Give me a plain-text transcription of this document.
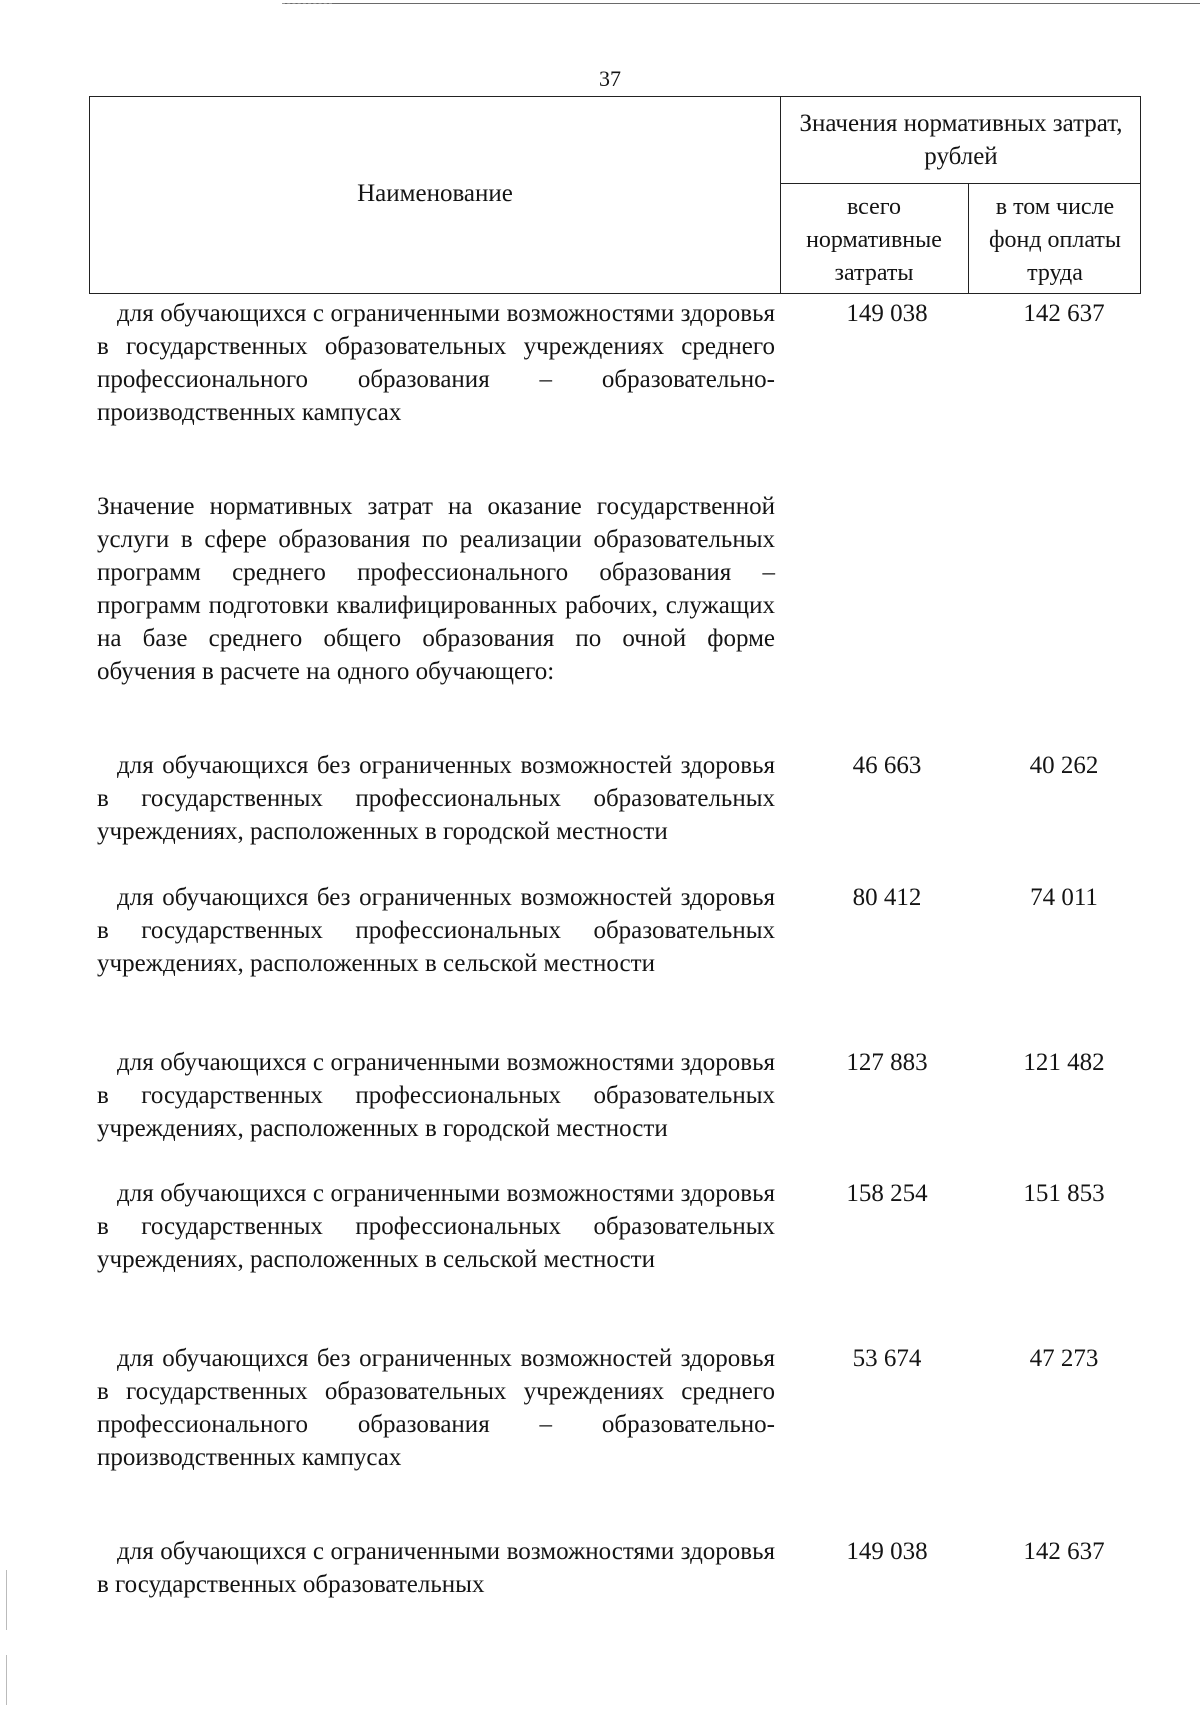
37
Наименование
Значения нормативных затрат, рублей
всего нормативные затраты
в том числе фонд оплаты труда

для обучающихся с ограниченными возможностями здоровья в государственных образовательных учреждениях среднего профессионального образования – образовательно-производственных кампусах

149 038	142 637

Значение нормативных затрат на оказание государственной услуги в сфере образования по реализации образовательных программ среднего профессионального образования – программ подготовки квалифицированных рабочих, служащих на базе среднего общего образования по очной форме обучения в расчете на одного обучающего:

для обучающихся без ограниченных возможностей здоровья в государственных профессиональных образовательных учреждениях, расположенных в городской местности

46 663	40 262

для обучающихся без ограниченных возможностей здоровья в государственных профессиональных образовательных учреждениях, расположенных в сельской местности

80 412	74 011

для обучающихся с ограниченными возможностями здоровья в государственных профессиональных образовательных учреждениях, расположенных в городской местности

127 883	121 482

для обучающихся с ограниченными возможностями здоровья в государственных профессиональных образовательных учреждениях, расположенных в сельской местности

158 254	151 853

для обучающихся без ограниченных возможностей здоровья в государственных образовательных учреждениях среднего профессионального образования – образовательно-производственных кампусах

53 674	47 273

для обучающихся с ограниченными возможностями здоровья в государственных образовательных

149 038	142 637
